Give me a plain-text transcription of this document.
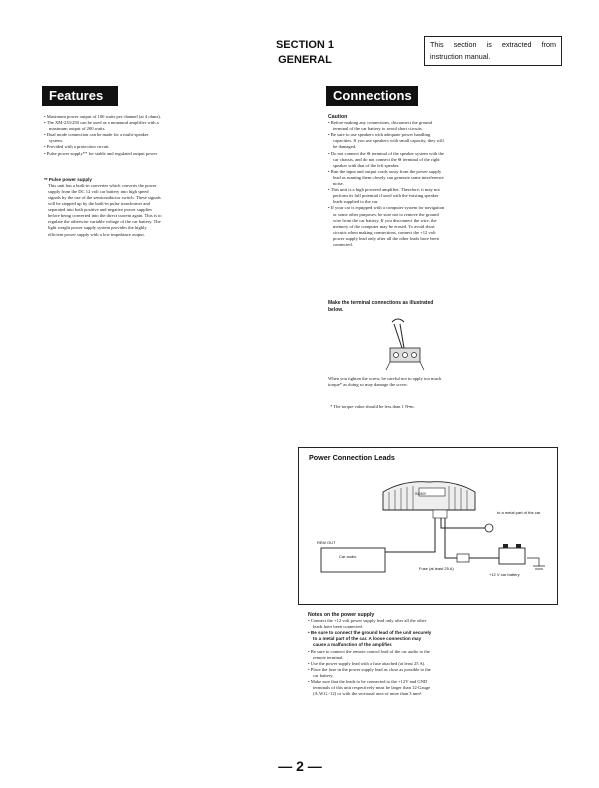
SECTION 1
GENERAL
This section is extracted from instruction manual.
Features
• Maximum power output of 100 watts per channel (at 4 ohms).
• The XM-235/250 can be used as a monaural amplifier with a maximum output of 200 watts.
• Dual mode connection can be made for a multi-speaker system.
• Provided with a protection circuit.
• Pulse power supply** for stable and regulated output power
** Pulse power supply
This unit has a built-in converter which converts the power supply from the DC 12 volt car battery into high speed signals by the use of the semiconductor switch. These signals will be stepped up by the built-in pulse transformer and separated into both positive and negative power supplies before being converted into the direct current again. This is to regulate the otherwise variable voltage of the car battery. The light weight power supply system provides the highly efficient power supply with a low impedance output.
Connections
Caution
• Before making any connections, disconnect the ground terminal of the car battery to avoid short circuits.
• Be sure to use speakers with adequate power handling capacities. If you use speakers with small capacity, they will be damaged.
• Do not connect the ⊖ terminal of the speaker system with the car chassis, and do not connect the ⊖ terminal of the right speaker with that of the left speaker.
• Run the input and output cords away from the power supply lead as running them closely can generate some interference noise.
• This unit is a high powered amplifier. Therefore, it may not perform its full potential if used with the existing speaker leads supplied to the car.
• If your car is equipped with a computer system for navigation or some other purposes, be sure not to remove the ground wire from the car battery. If you disconnect the wire, the memory of the computer may be erased. To avoid short circuits when making connections, connect the +12 volt power supply lead only after all the other leads have been connected.
Make the terminal connections as illustrated below.
When you tighten the screw, be careful not to apply too much torque* as doing so may damage the screw.
* The torque value should be less than 1 N•m.
Power Connection Leads
SONY
to a metal part of the car
REM OUT
Car audio
Fuse (at least 25 A)
+12 V car battery
Notes on the power supply
• Connect the +12 volt power supply lead only after all the other leads have been connected.
• Be sure to connect the ground lead of the unit securely to a metal part of the car. A loose connection may cause a malfunction of the amplifier.
• Be sure to connect the remote control lead of the car audio to the remote terminal.
• Use the power supply lead with a fuse attached (at least 25 A).
• Place the fuse in the power supply lead as close as possible to the car battery.
• Make sure that the leads to be connected to the +12V and GND terminals of this unit respectively must be larger than 12-Gauge (A.W.G.-12) or with the sectional area of more than 3 mm².
— 2 —
